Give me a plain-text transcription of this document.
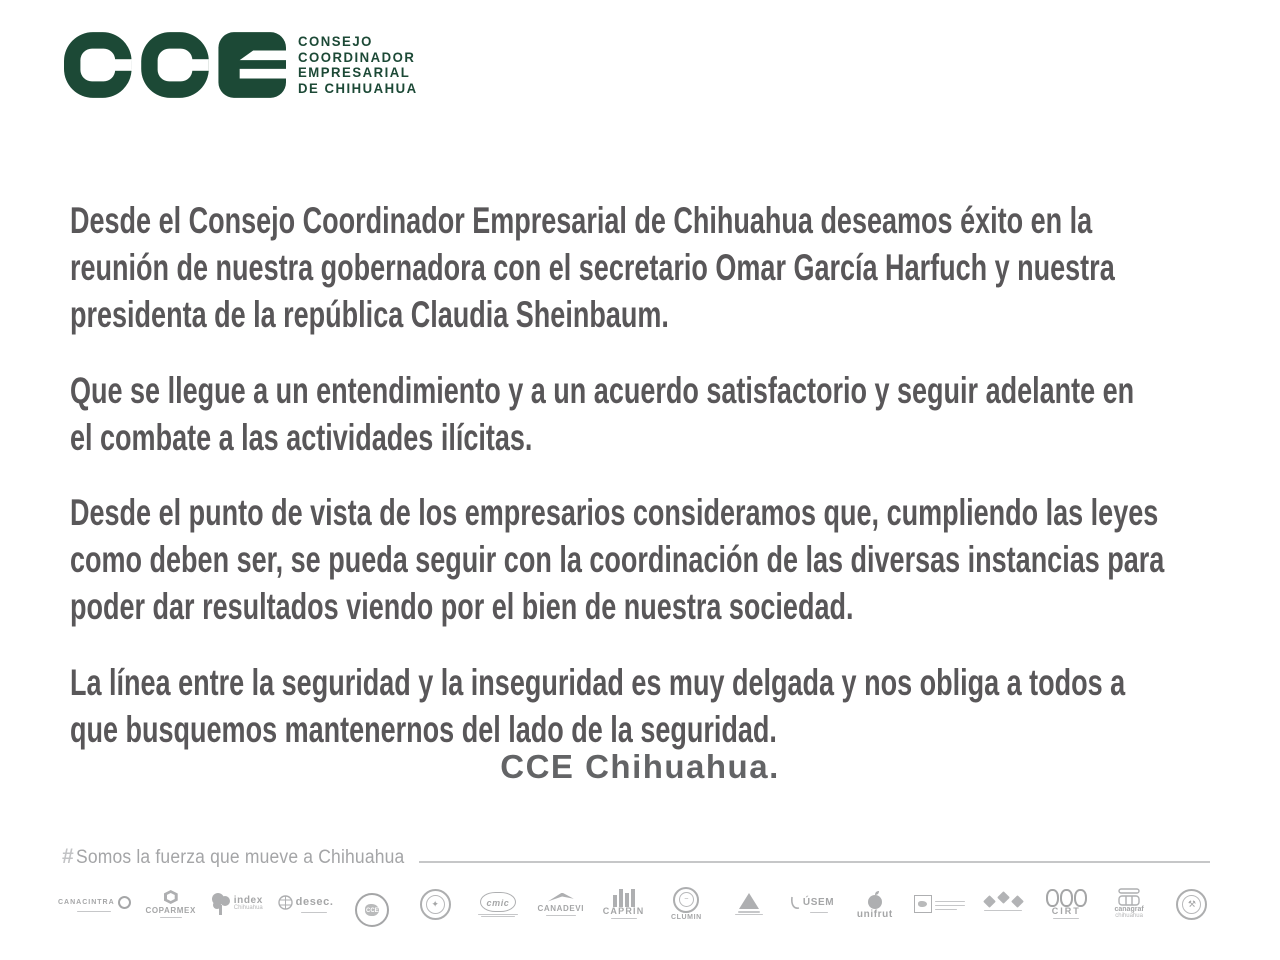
CONSEJO
COORDINADOR
EMPRESARIAL
DE CHIHUAHUA

Desde el Consejo Coordinador Empresarial de Chihuahua deseamos éxito en la
reunión de nuestra gobernadora con el secretario Omar García Harfuch y nuestra
presidenta de la república Claudia Sheinbaum.

Que se llegue a un entendimiento y a un acuerdo satisfactorio y seguir adelante en
el combate a las actividades ilícitas.

Desde el punto de vista de los empresarios consideramos que, cumpliendo las leyes
como deben ser, se pueda seguir con la coordinación de las diversas instancias para
poder dar resultados viendo por el bien de nuestra sociedad.

La línea entre la seguridad y la inseguridad es muy delgada y nos obliga a todos a
que busquemos mantenernos del lado de la seguridad.

CCE Chihuahua.
# Somos la fuerza que mueve a Chihuahua
CANACINTRA
COPARMEX
index
Chihuahua	desec.
CCE
✦	cmic
CANADEVI CAPRIN
~
CLUMIN
ÚSEM
unifrut	CIRT	canagraf
chihuahua
⚒
